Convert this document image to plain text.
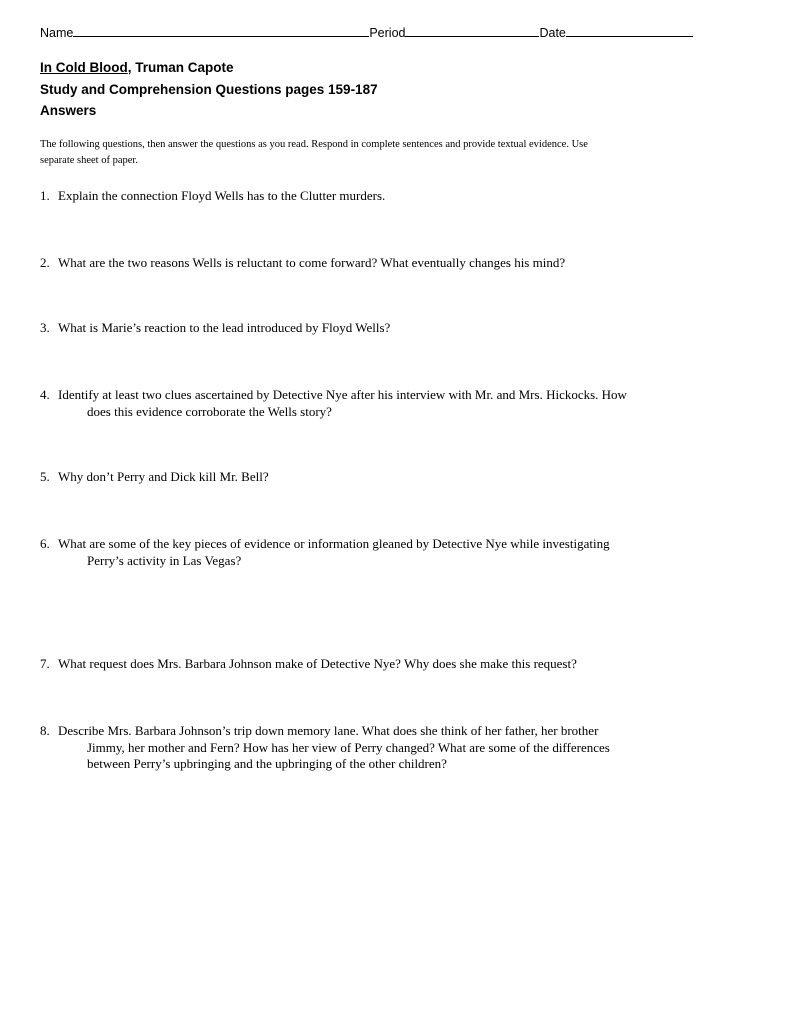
Name	Period	Date
In Cold Blood, Truman Capote
Study and Comprehension Questions pages 159-187
Answers
The following questions, then answer the questions as you read. Respond in complete sentences and provide textual evidence. Use
separate sheet of paper.
1. Explain the connection Floyd Wells has to the Clutter murders.
2. What are the two reasons Wells is reluctant to come forward? What eventually changes his mind?
3. What is Marie’s reaction to the lead introduced by Floyd Wells?
4. Identify at least two clues ascertained by Detective Nye after his interview with Mr. and Mrs. Hickocks. How
does this evidence corroborate the Wells story?
5. Why don’t Perry and Dick kill Mr. Bell?
6. What are some of the key pieces of evidence or information gleaned by Detective Nye while investigating
Perry’s activity in Las Vegas?
7. What request does Mrs. Barbara Johnson make of Detective Nye? Why does she make this request?
8. Describe Mrs. Barbara Johnson’s trip down memory lane. What does she think of her father, her brother
Jimmy, her mother and Fern? How has her view of Perry changed? What are some of the differences
between Perry’s upbringing and the upbringing of the other children?
